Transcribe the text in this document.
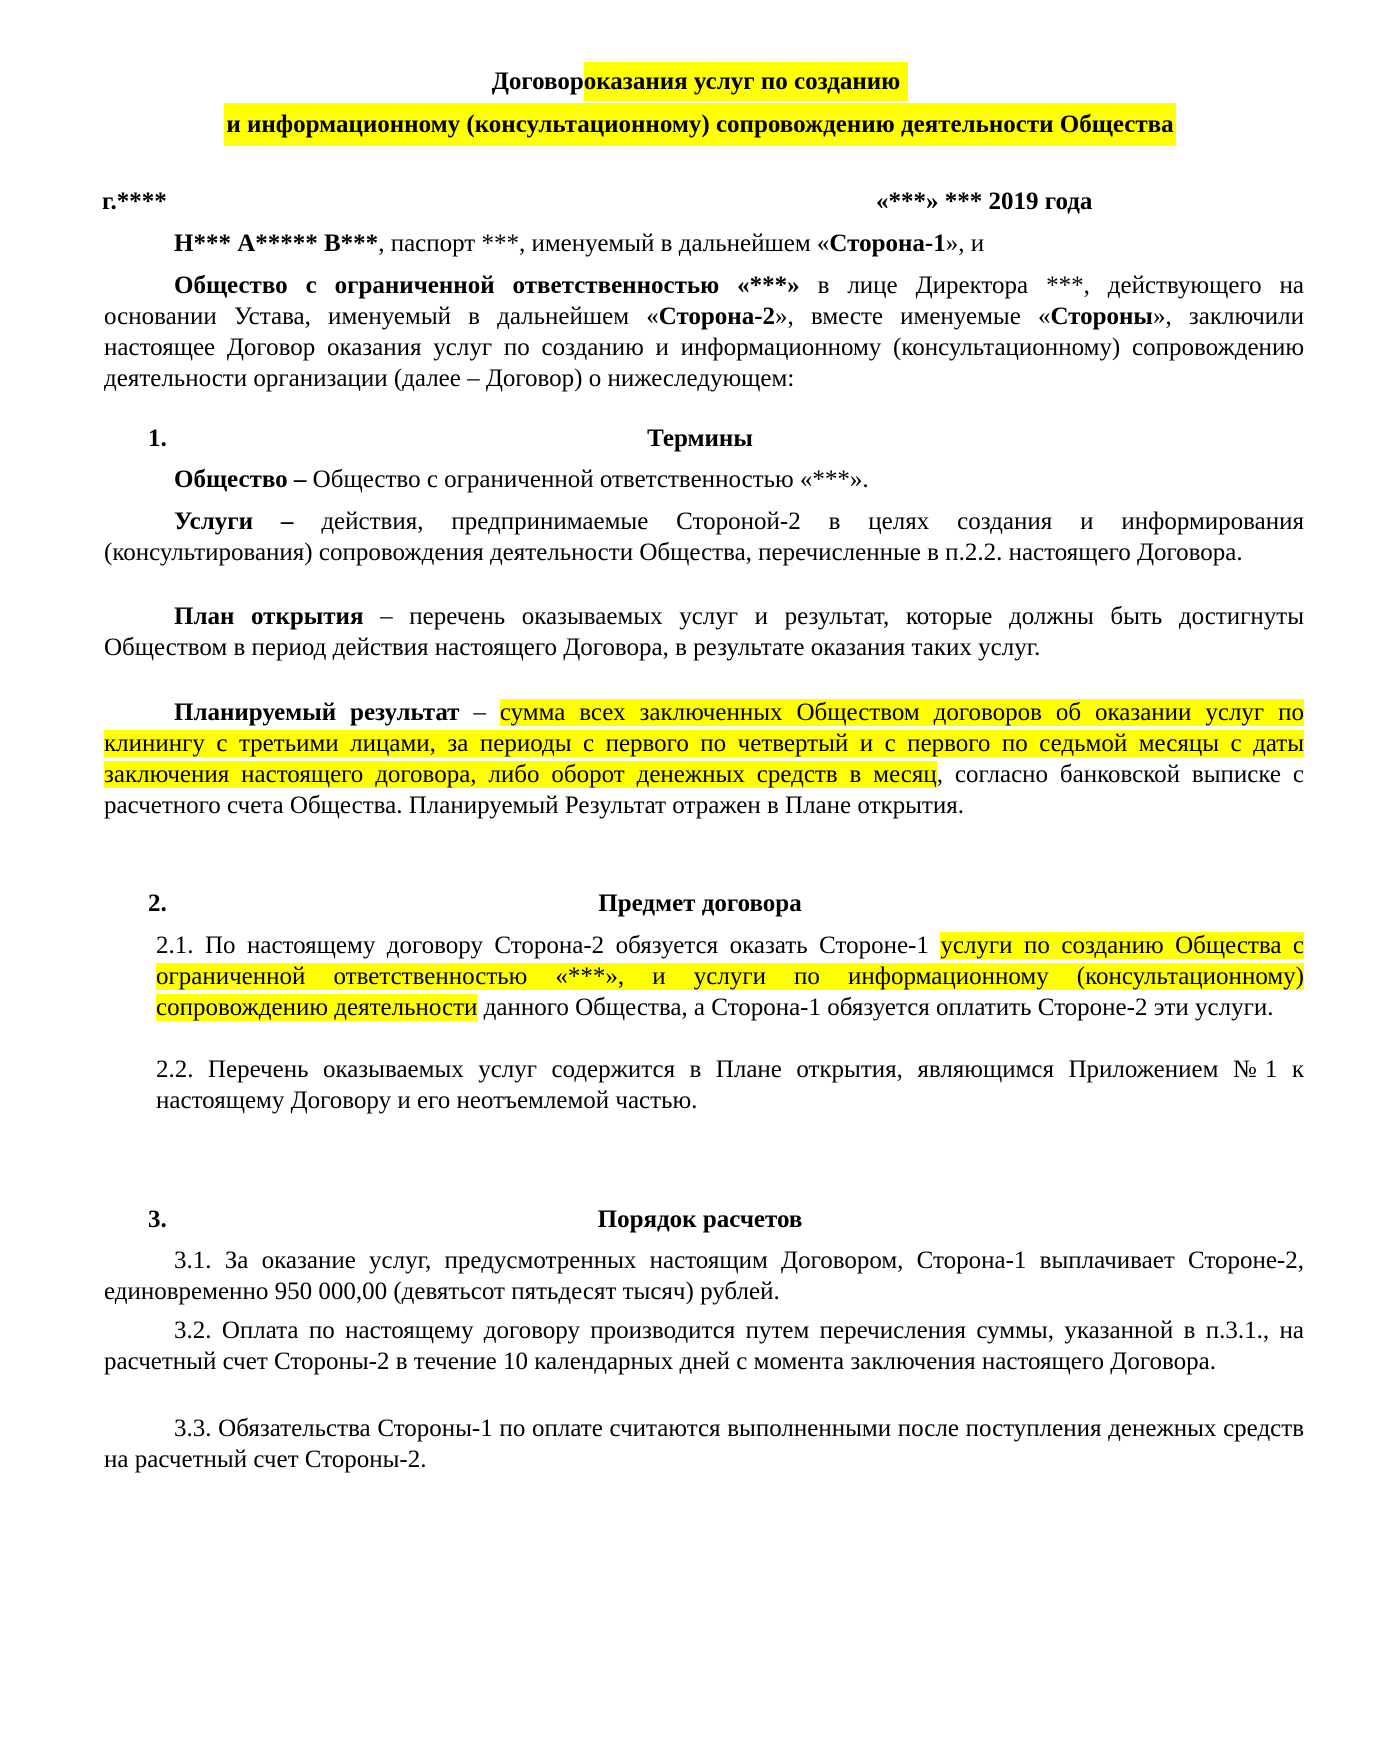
Договороказания услуг по созданию
и информационному (консультационному) сопровождению деятельности Общества
г.****	«***» *** 2019 года
Н*** А***** В***, паспорт ***, именуемый в дальнейшем «Сторона-1», и
Общество с ограниченной ответственностью «***» в лице Директора ***, действующего на основании Устава, именуемый в дальнейшем «Сторона-2», вместе именуемые «Стороны», заключили настоящее Договор оказания услуг по созданию и информационному (консультационному) сопровождению деятельности организации (далее – Договор) о нижеследующем:
1.	Термины
Общество – Общество с ограниченной ответственностью «***».
Услуги – действия, предпринимаемые Стороной-2 в целях создания и информирования (консультирования) сопровождения деятельности Общества, перечисленные в п.2.2. настоящего Договора.
План открытия – перечень оказываемых услуг и результат, которые должны быть достигнуты Обществом в период действия настоящего Договора, в результате оказания таких услуг.
Планируемый результат – сумма всех заключенных Обществом договоров об оказании услуг по клинингу с третьими лицами, за периоды с первого по четвертый и с первого по седьмой месяцы с даты заключения настоящего договора, либо оборот денежных средств в месяц, согласно банковской выписке с расчетного счета Общества. Планируемый Результат отражен в Плане открытия.
2.	Предмет договора
2.1. По настоящему договору Сторона-2 обязуется оказать Стороне-1 услуги по созданию Общества с ограниченной ответственностью «***», и услуги по информационному (консультационному) сопровождению деятельности данного Общества, а Сторона-1 обязуется оплатить Стороне-2 эти услуги.
2.2. Перечень оказываемых услуг содержится в Плане открытия, являющимся Приложением №1 к настоящему Договору и его неотъемлемой частью.
3.	Порядок расчетов
3.1. За оказание услуг, предусмотренных настоящим Договором, Сторона-1 выплачивает Стороне-2, единовременно 950 000,00 (девятьсот пятьдесят тысяч) рублей.
3.2. Оплата по настоящему договору производится путем перечисления суммы, указанной в п.3.1., на расчетный счет Стороны-2 в течение 10 календарных дней с момента заключения настоящего Договора.
3.3. Обязательства Стороны-1 по оплате считаются выполненными после поступления денежных средств на расчетный счет Стороны-2.
